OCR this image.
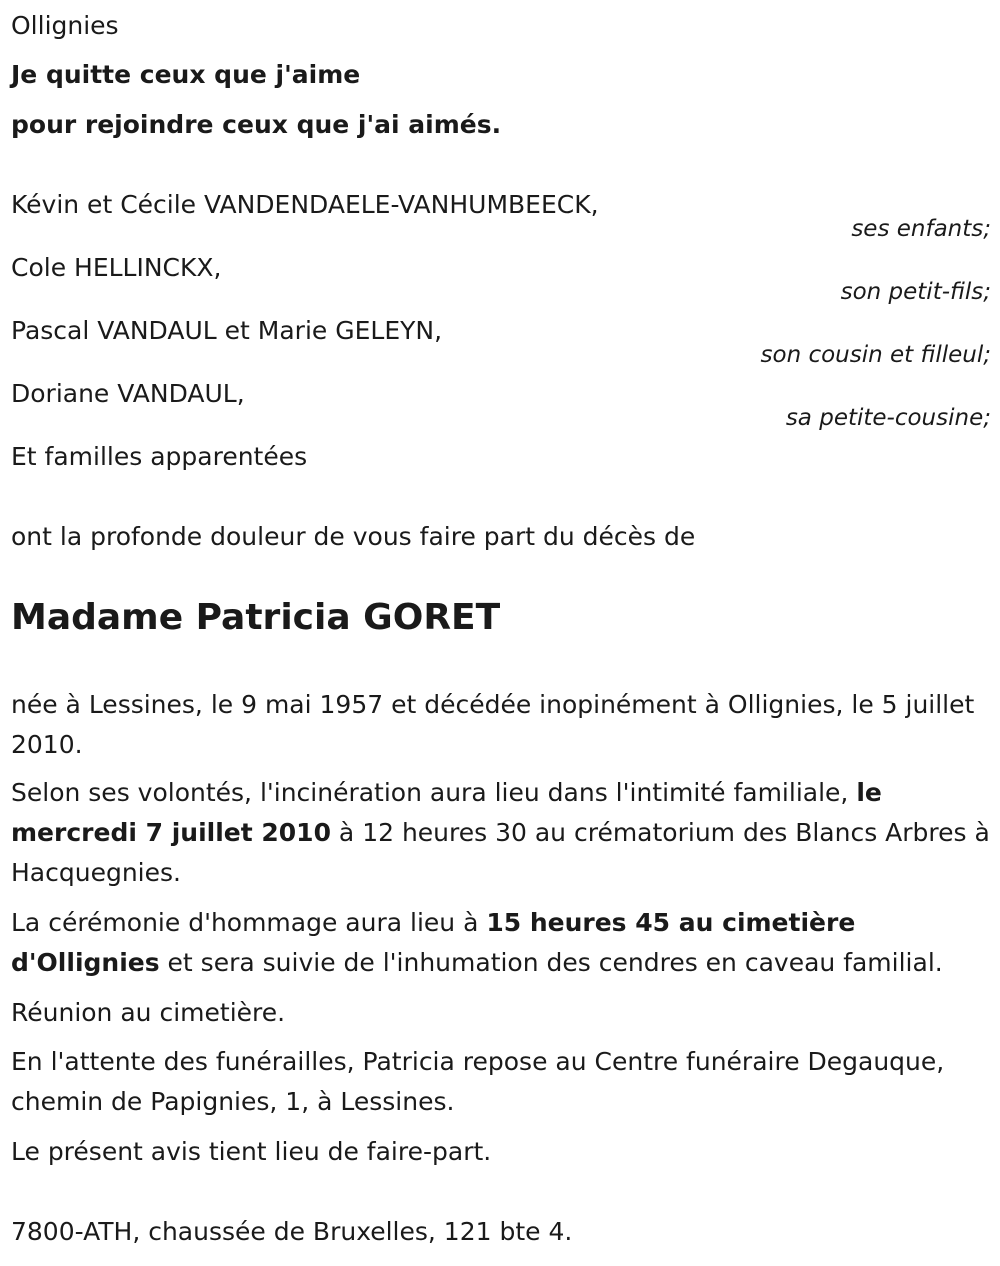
Ollignies
Je quitte ceux que j'aime
pour rejoindre ceux que j'ai aimés.
Kévin et Cécile VANDENDAELE-VANHUMBEECK,
ses enfants;
Cole HELLINCKX,
son petit-fils;
Pascal VANDAUL et Marie GELEYN,
son cousin et filleul;
Doriane VANDAUL,
sa petite-cousine;
Et familles apparentées
ont la profonde douleur de vous faire part du décès de
Madame Patricia GORET
née à Lessines, le 9 mai 1957 et décédée inopinément à Ollignies, le 5 juillet 2010.
Selon ses volontés, l'incinération aura lieu dans l'intimité familiale, le mercredi 7 juillet 2010 à 12 heures 30 au crématorium des Blancs Arbres à Hacquegnies.
La cérémonie d'hommage aura lieu à 15 heures 45 au cimetière d'Ollignies et sera suivie de l'inhumation des cendres en caveau familial.
Réunion au cimetière.
En l'attente des funérailles, Patricia repose au Centre funéraire Degauque, chemin de Papignies, 1, à Lessines.
Le présent avis tient lieu de faire-part.
7800-ATH, chaussée de Bruxelles, 121 bte 4.
